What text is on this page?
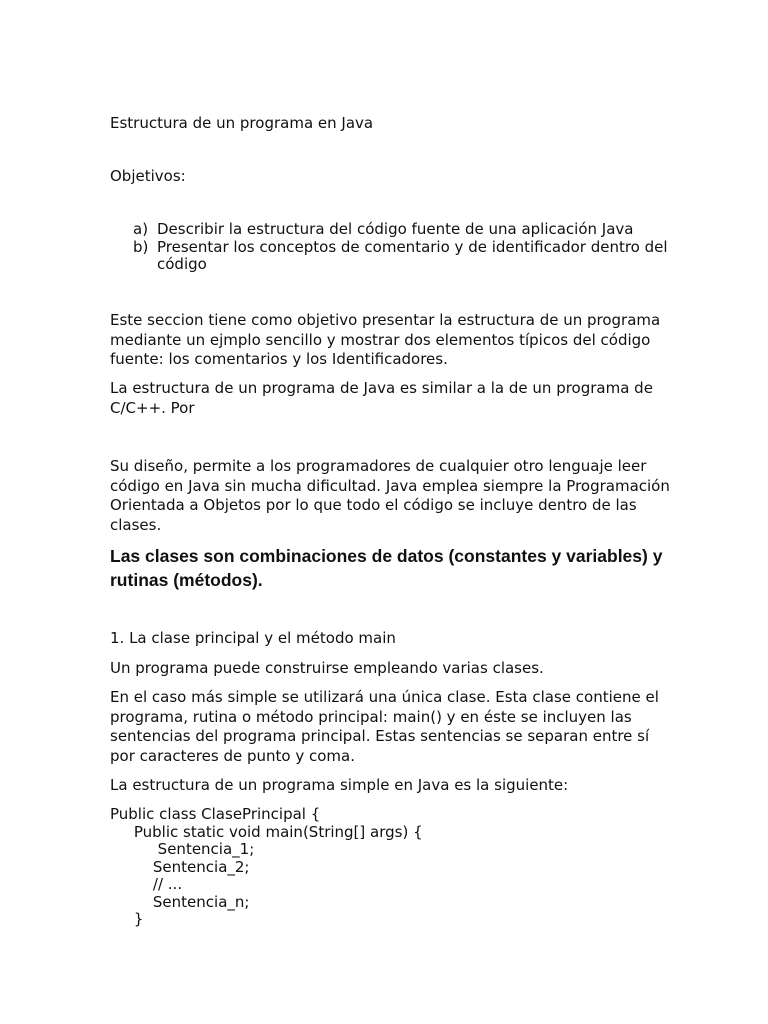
Estructura de un programa en Java

Objetivos:

a) Describir la estructura del código fuente de una aplicación Java
b) Presentar los conceptos de comentario y de identificador dentro del código

Este seccion tiene como objetivo presentar la estructura de un programa mediante un ejmplo sencillo y mostrar dos elementos típicos del código fuente: los comentarios y los Identificadores.

La estructura de un programa de Java es similar a la de un programa de C/C++. Por

Su diseño, permite a los programadores de cualquier otro lenguaje leer código en Java sin mucha dificultad. Java emplea siempre la Programación Orientada a Objetos por lo que todo el código se incluye dentro de las clases.

Las clases son combinaciones de datos (constantes y variables) y rutinas (métodos).

1. La clase principal y el método main

Un programa puede construirse empleando varias clases.

En el caso más simple se utilizará una única clase. Esta clase contiene el programa, rutina o método principal: main() y en éste se incluyen las sentencias del programa principal. Estas sentencias se separan entre sí por caracteres de punto y coma.

La estructura de un programa simple en Java es la siguiente:

Public class ClasePrincipal {
Public static void main(String[] args) {
Sentencia_1;
Sentencia_2;
// ...
Sentencia_n;
}
